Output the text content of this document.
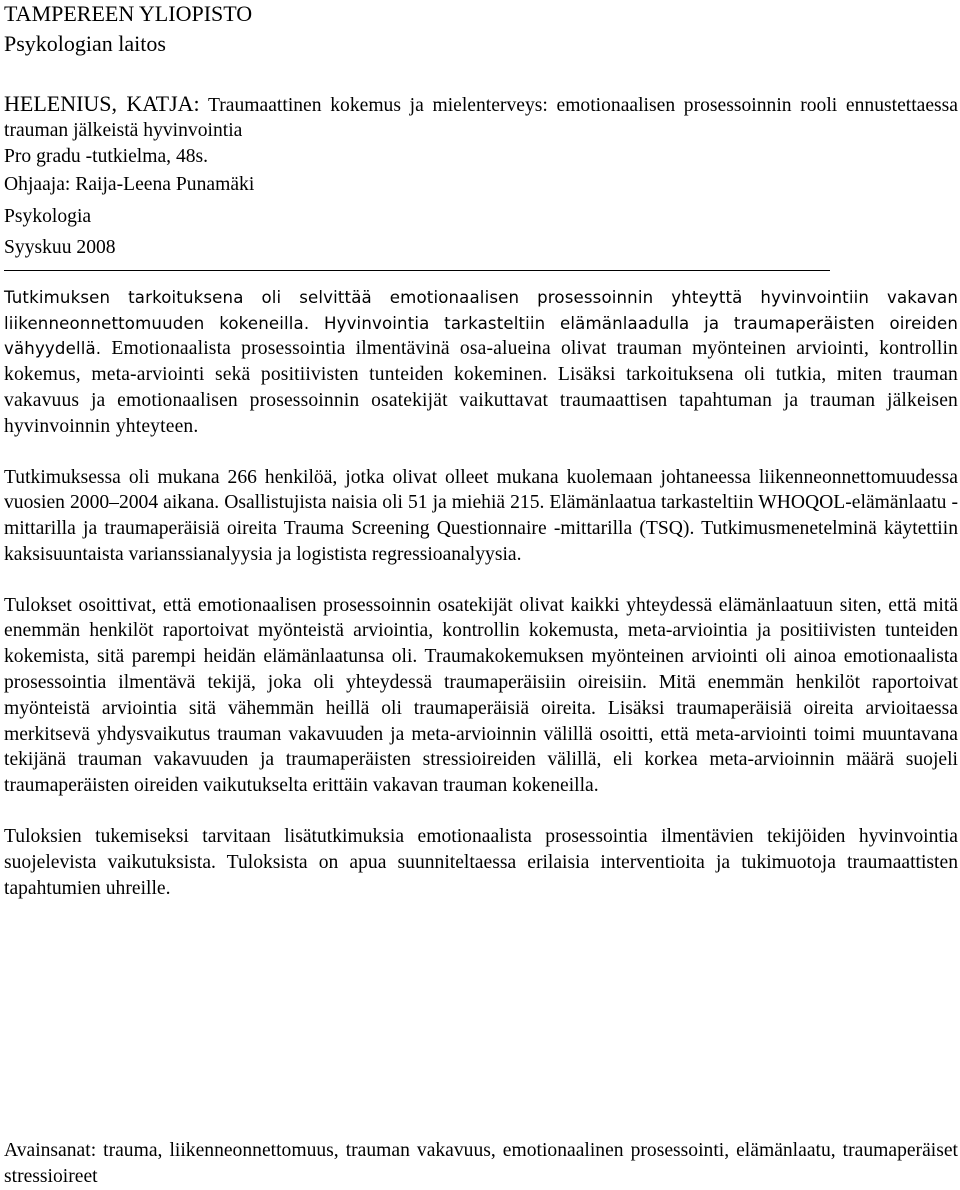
TAMPEREEN YLIOPISTO

Psykologian laitos

HELENIUS, KATJA: Traumaattinen kokemus ja mielenterveys: emotionaalisen prosessoinnin rooli ennustettaessa trauman jälkeistä hyvinvointia

Pro gradu -tutkielma, 48s.

Ohjaaja: Raija-Leena Punamäki

Psykologia

Syyskuu 2008

Tutkimuksen tarkoituksena oli selvittää emotionaalisen prosessoinnin yhteyttä hyvinvointiin vakavan liikenneonnettomuuden kokeneilla. Hyvinvointia tarkasteltiin elämänlaadulla ja traumaperäisten oireiden vähyydellä. Emotionaalista prosessointia ilmentävinä osa-alueina olivat trauman myönteinen arviointi, kontrollin kokemus, meta-arviointi sekä positiivisten tunteiden kokeminen. Lisäksi tarkoituksena oli tutkia, miten trauman vakavuus ja emotionaalisen prosessoinnin osatekijät vaikuttavat traumaattisen tapahtuman ja trauman jälkeisen hyvinvoinnin yhteyteen.

Tutkimuksessa oli mukana 266 henkilöä, jotka olivat olleet mukana kuolemaan johtaneessa liikenneonnettomuudessa vuosien 2000–2004 aikana. Osallistujista naisia oli 51 ja miehiä 215. Elämänlaatua tarkasteltiin WHOQOL-elämänlaatu -mittarilla ja traumaperäisiä oireita Trauma Screening Questionnaire -mittarilla (TSQ). Tutkimusmenetelminä käytettiin kaksisuuntaista varianssianalyysia ja logistista regressioanalyysia.

Tulokset osoittivat, että emotionaalisen prosessoinnin osatekijät olivat kaikki yhteydessä elämänlaatuun siten, että mitä enemmän henkilöt raportoivat myönteistä arviointia, kontrollin kokemusta, meta-arviointia ja positiivisten tunteiden kokemista, sitä parempi heidän elämänlaatunsa oli. Traumakokemuksen myönteinen arviointi oli ainoa emotionaalista prosessointia ilmentävä tekijä, joka oli yhteydessä traumaperäisiin oireisiin. Mitä enemmän henkilöt raportoivat myönteistä arviointia sitä vähemmän heillä oli traumaperäisiä oireita. Lisäksi traumaperäisiä oireita arvioitaessa merkitsevä yhdysvaikutus trauman vakavuuden ja meta-arvioinnin välillä osoitti, että meta-arviointi toimi muuntavana tekijänä trauman vakavuuden ja traumaperäisten stressioireiden välillä, eli korkea meta-arvioinnin määrä suojeli traumaperäisten oireiden vaikutukselta erittäin vakavan trauman kokeneilla.

Tuloksien tukemiseksi tarvitaan lisätutkimuksia emotionaalista prosessointia ilmentävien tekijöiden hyvinvointia suojelevista vaikutuksista. Tuloksista on apua suunniteltaessa erilaisia interventioita ja tukimuotoja traumaattisten tapahtumien uhreille.

Avainsanat: trauma, liikenneonnettomuus, trauman vakavuus, emotionaalinen prosessointi, elämänlaatu, traumaperäiset stressioireet
